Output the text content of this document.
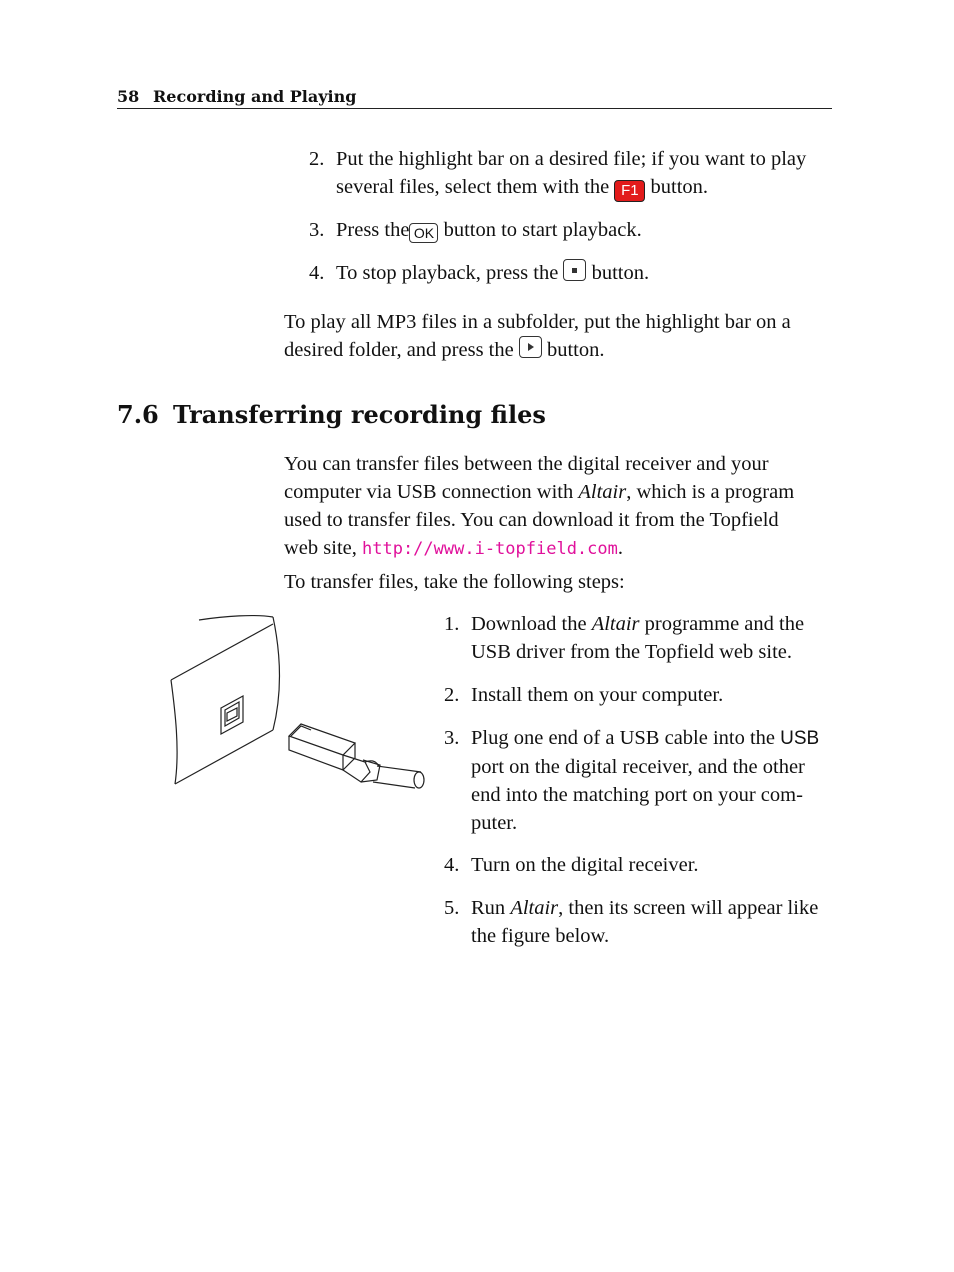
58 Recording and Playing
2. Put the highlight bar on a desired file; if you want to play
several files, select them with the F1 button.
3. Press the OK button to start playback.
4. To stop playback, press the button.
To play all MP3 files in a subfolder, put the highlight bar on a
desired folder, and press the button.
7.6 Transferring recording files
You can transfer files between the digital receiver and your
computer via USB connection with Altair, which is a program
used to transfer files. You can download it from the Topfield
web site, http://www.i-topfield.com.
To transfer files, take the following steps:
1. Download the Altair programme and the
USB driver from the Topfield web site.
2. Install them on your computer.
3. Plug one end of a USB cable into the USB
port on the digital receiver, and the other
end into the matching port on your com-
puter.
4. Turn on the digital receiver.
5. Run Altair, then its screen will appear like
the figure below.
